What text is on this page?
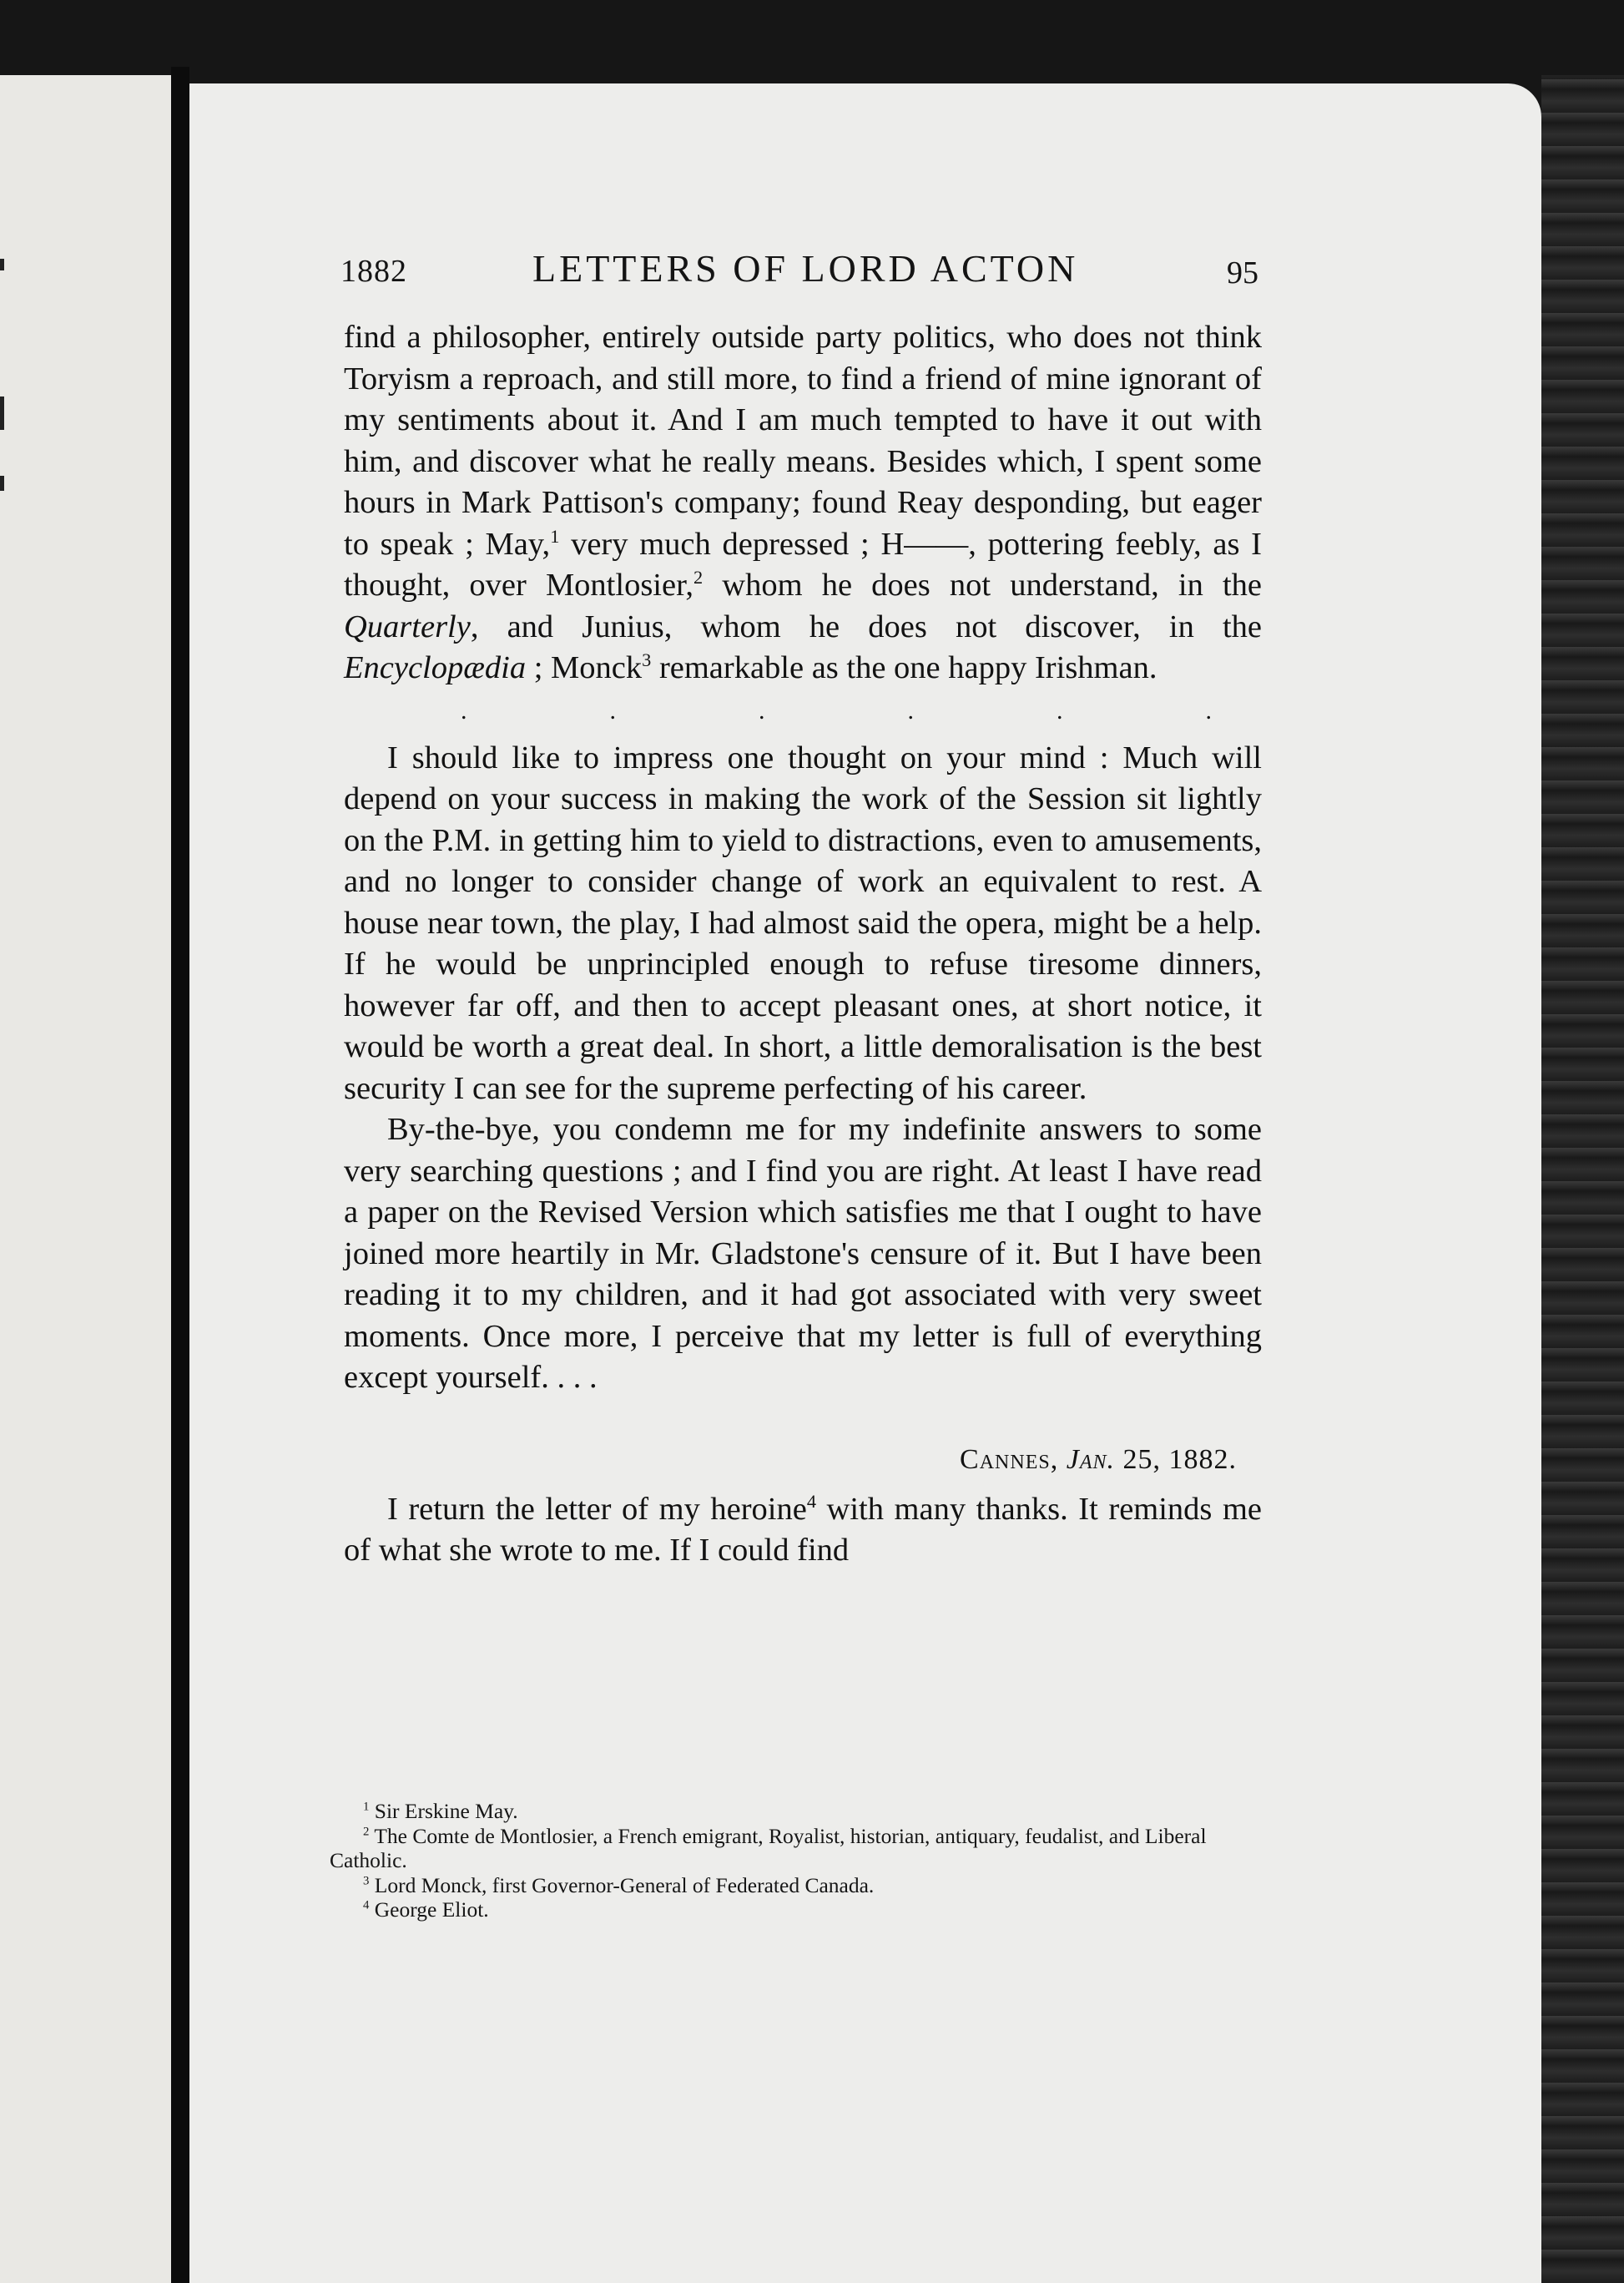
1882	LETTERS OF LORD ACTON	95

find a philosopher, entirely outside party politics, who does not think Toryism a reproach, and still more, to find a friend of mine ignorant of my sentiments about it. And I am much tempted to have it out with him, and discover what he really means. Besides which, I spent some hours in Mark Pattison's company; found Reay desponding, but eager to speak ; May,$^1$ very much depressed ; H——, pottering feebly, as I thought, over Montlosier,$^2$ whom he does not understand, in the Quarterly, and Junius, whom he does not discover, in the Encyclopædia ; Monck$^3$ remarkable as the one happy Irishman.

.	.	.	.	.	.

I should like to impress one thought on your mind : Much will depend on your success in making the work of the Session sit lightly on the P.M. in getting him to yield to distractions, even to amusements, and no longer to consider change of work an equivalent to rest. A house near town, the play, I had almost said the opera, might be a help. If he would be unprincipled enough to refuse tiresome dinners, however far off, and then to accept pleasant ones, at short notice, it would be worth a great deal. In short, a little demoralisation is the best security I can see for the supreme perfecting of his career.

By-the-bye, you condemn me for my indefinite answers to some very searching questions ; and I find you are right. At least I have read a paper on the Revised Version which satisfies me that I ought to have joined more heartily in Mr. Gladstone's censure of it. But I have been reading it to my children, and it had got associated with very sweet moments. Once more, I perceive that my letter is full of everything except yourself. . . .

Cannes, Jan. 25, 1882.

I return the letter of my heroine$^4$ with many thanks. It reminds me of what she wrote to me. If I could find

$^1$ Sir Erskine May.

$^2$ The Comte de Montlosier, a French emigrant, Royalist, historian, antiquary, feudalist, and Liberal Catholic.

$^3$ Lord Monck, first Governor-General of Federated Canada.

$^4$ George Eliot.
